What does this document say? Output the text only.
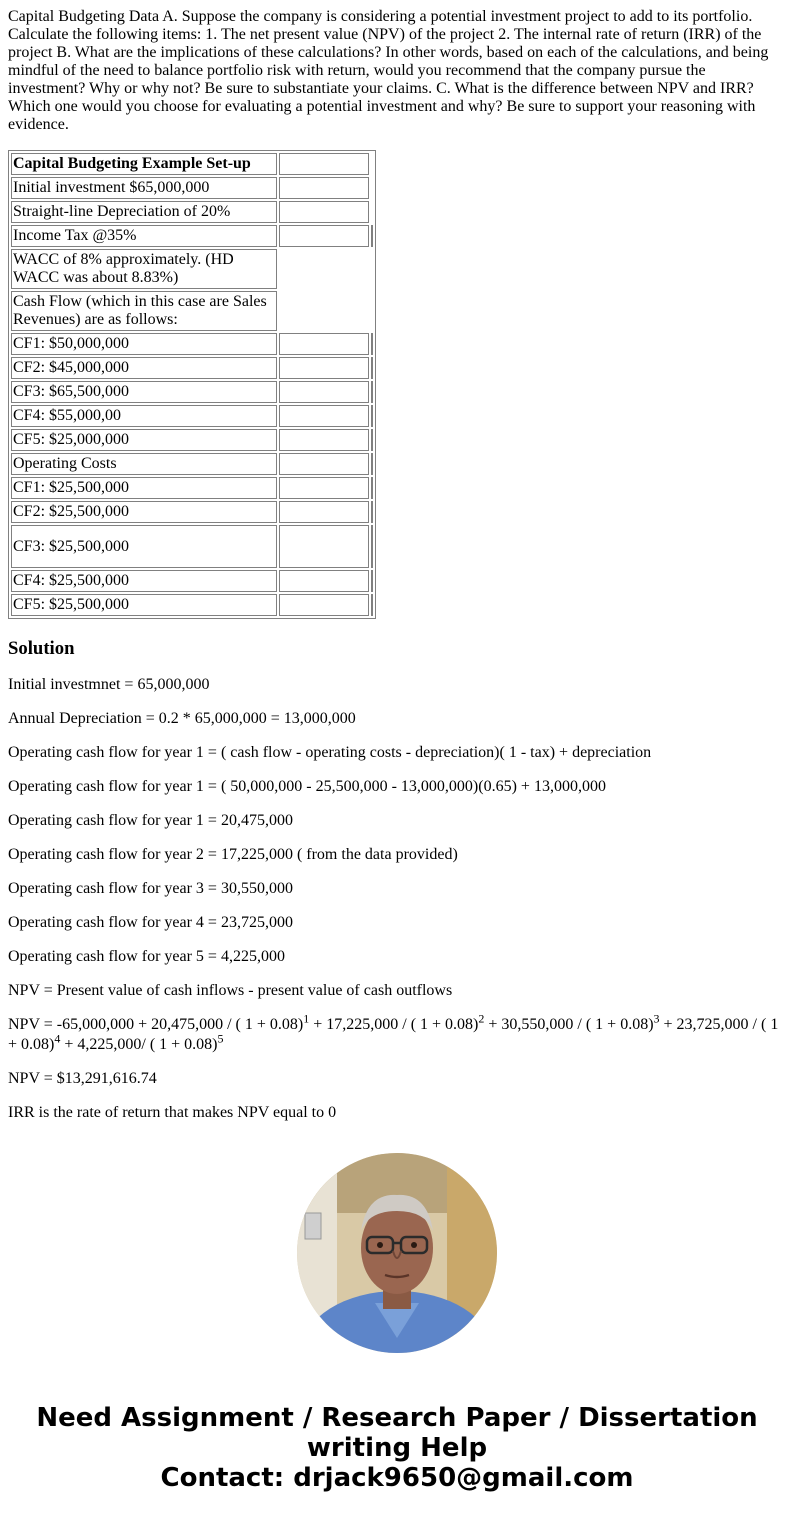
Capital Budgeting Data A. Suppose the company is considering a potential investment project to add to its portfolio. Calculate the following items: 1. The net present value (NPV) of the project 2. The internal rate of return (IRR) of the project B. What are the implications of these calculations? In other words, based on each of the calculations, and being mindful of the need to balance portfolio risk with return, would you recommend that the company pursue the investment? Why or why not? Be sure to substantiate your claims. C. What is the difference between NPV and IRR? Which one would you choose for evaluating a potential investment and why? Be sure to support your reasoning with evidence.

Capital Budgeting Example Set-up		
Initial investment $65,000,000		
Straight-line Depreciation of 20%		
Income Tax @35%		
WACC of 8% approximately. (HD WACC was about 8.83%)		
Cash Flow (which in this case are Sales Revenues) are as follows:		
CF1: $50,000,000		
CF2: $45,000,000		
CF3: $65,500,000		
CF4: $55,000,00		
CF5: $25,000,000		
Operating Costs		
CF1: $25,500,000		
CF2: $25,500,000		
CF3: $25,500,000		
CF4: $25,500,000		
CF5: $25,500,000		
Solution

Initial investmnet = 65,000,000

Annual Depreciation = 0.2 * 65,000,000 = 13,000,000

Operating cash flow for year 1 = ( cash flow - operating costs - depreciation)( 1 - tax) + depreciation

Operating cash flow for year 1 = ( 50,000,000 - 25,500,000 - 13,000,000)(0.65) + 13,000,000

Operating cash flow for year 1 = 20,475,000

Operating cash flow for year 2 = 17,225,000 ( from the data provided)

Operating cash flow for year 3 = 30,550,000

Operating cash flow for year 4 = 23,725,000

Operating cash flow for year 5 = 4,225,000

NPV = Present value of cash inflows - present value of cash outflows

NPV = -65,000,000 + 20,475,000 / ( 1 + 0.08)$^1$ + 17,225,000 / ( 1 + 0.08)$^2$ + 30,550,000 / ( 1 + 0.08)$^3$ + 23,725,000 / ( 1 + 0.08)$^4$ + 4,225,000/ ( 1 + 0.08)$^5$

NPV = $13,291,616.74

IRR is the rate of return that makes NPV equal to 0

Need Assignment / Research Paper / Dissertation
writing Help
Contact: drjack9650@gmail.com
